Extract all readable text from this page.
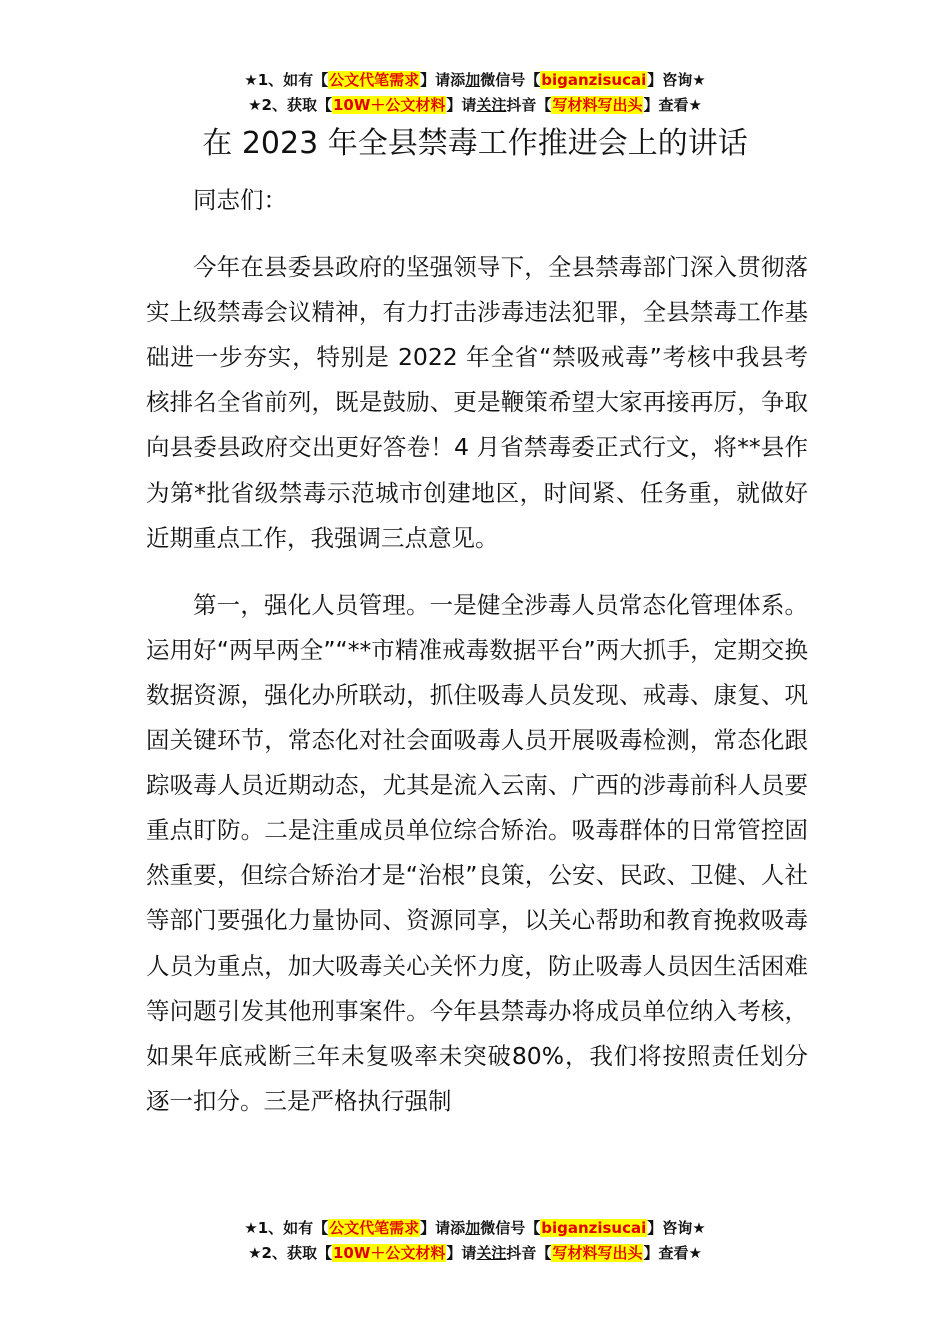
★1、如有【公文代笔需求】请添加微信号【biganzisucai】咨询★
★2、获取【10W＋公文材料】请关注抖音【写材料写出头】查看★
在 2023 年全县禁毒工作推进会上的讲话

同志们：

今年在县委县政府的坚强领导下，全县禁毒部门深入贯彻落实上级禁毒会议精神，有力打击涉毒违法犯罪，全县禁毒工作基础进一步夯实，特别是 2022 年全省“禁吸戒毒”考核中我县考核排名全省前列，既是鼓励、更是鞭策希望大家再接再厉，争取向县委县政府交出更好答卷！4 月省禁毒委正式行文，将**县作为第*批省级禁毒示范城市创建地区，时间紧、任务重，就做好近期重点工作，我强调三点意见。

第一，强化人员管理。一是健全涉毒人员常态化管理体系。运用好“两早两全”“**市精准戒毒数据平台”两大抓手，定期交换数据资源，强化办所联动，抓住吸毒人员发现、戒毒、康复、巩固关键环节，常态化对社会面吸毒人员开展吸毒检测，常态化跟踪吸毒人员近期动态，尤其是流入云南、广西的涉毒前科人员要重点盯防。二是注重成员单位综合矫治。吸毒群体的日常管控固然重要，但综合矫治才是“治根”良策，公安、民政、卫健、人社等部门要强化力量协同、资源同享，以关心帮助和教育挽救吸毒人员为重点，加大吸毒关心关怀力度，防止吸毒人员因生活困难等问题引发其他刑事案件。今年县禁毒办将成员单位纳入考核，如果年底戒断三年未复吸率未突破80%，我们将按照责任划分逐一扣分。三是严格执行强制

★1、如有【公文代笔需求】请添加微信号【biganzisucai】咨询★
★2、获取【10W＋公文材料】请关注抖音【写材料写出头】查看★
